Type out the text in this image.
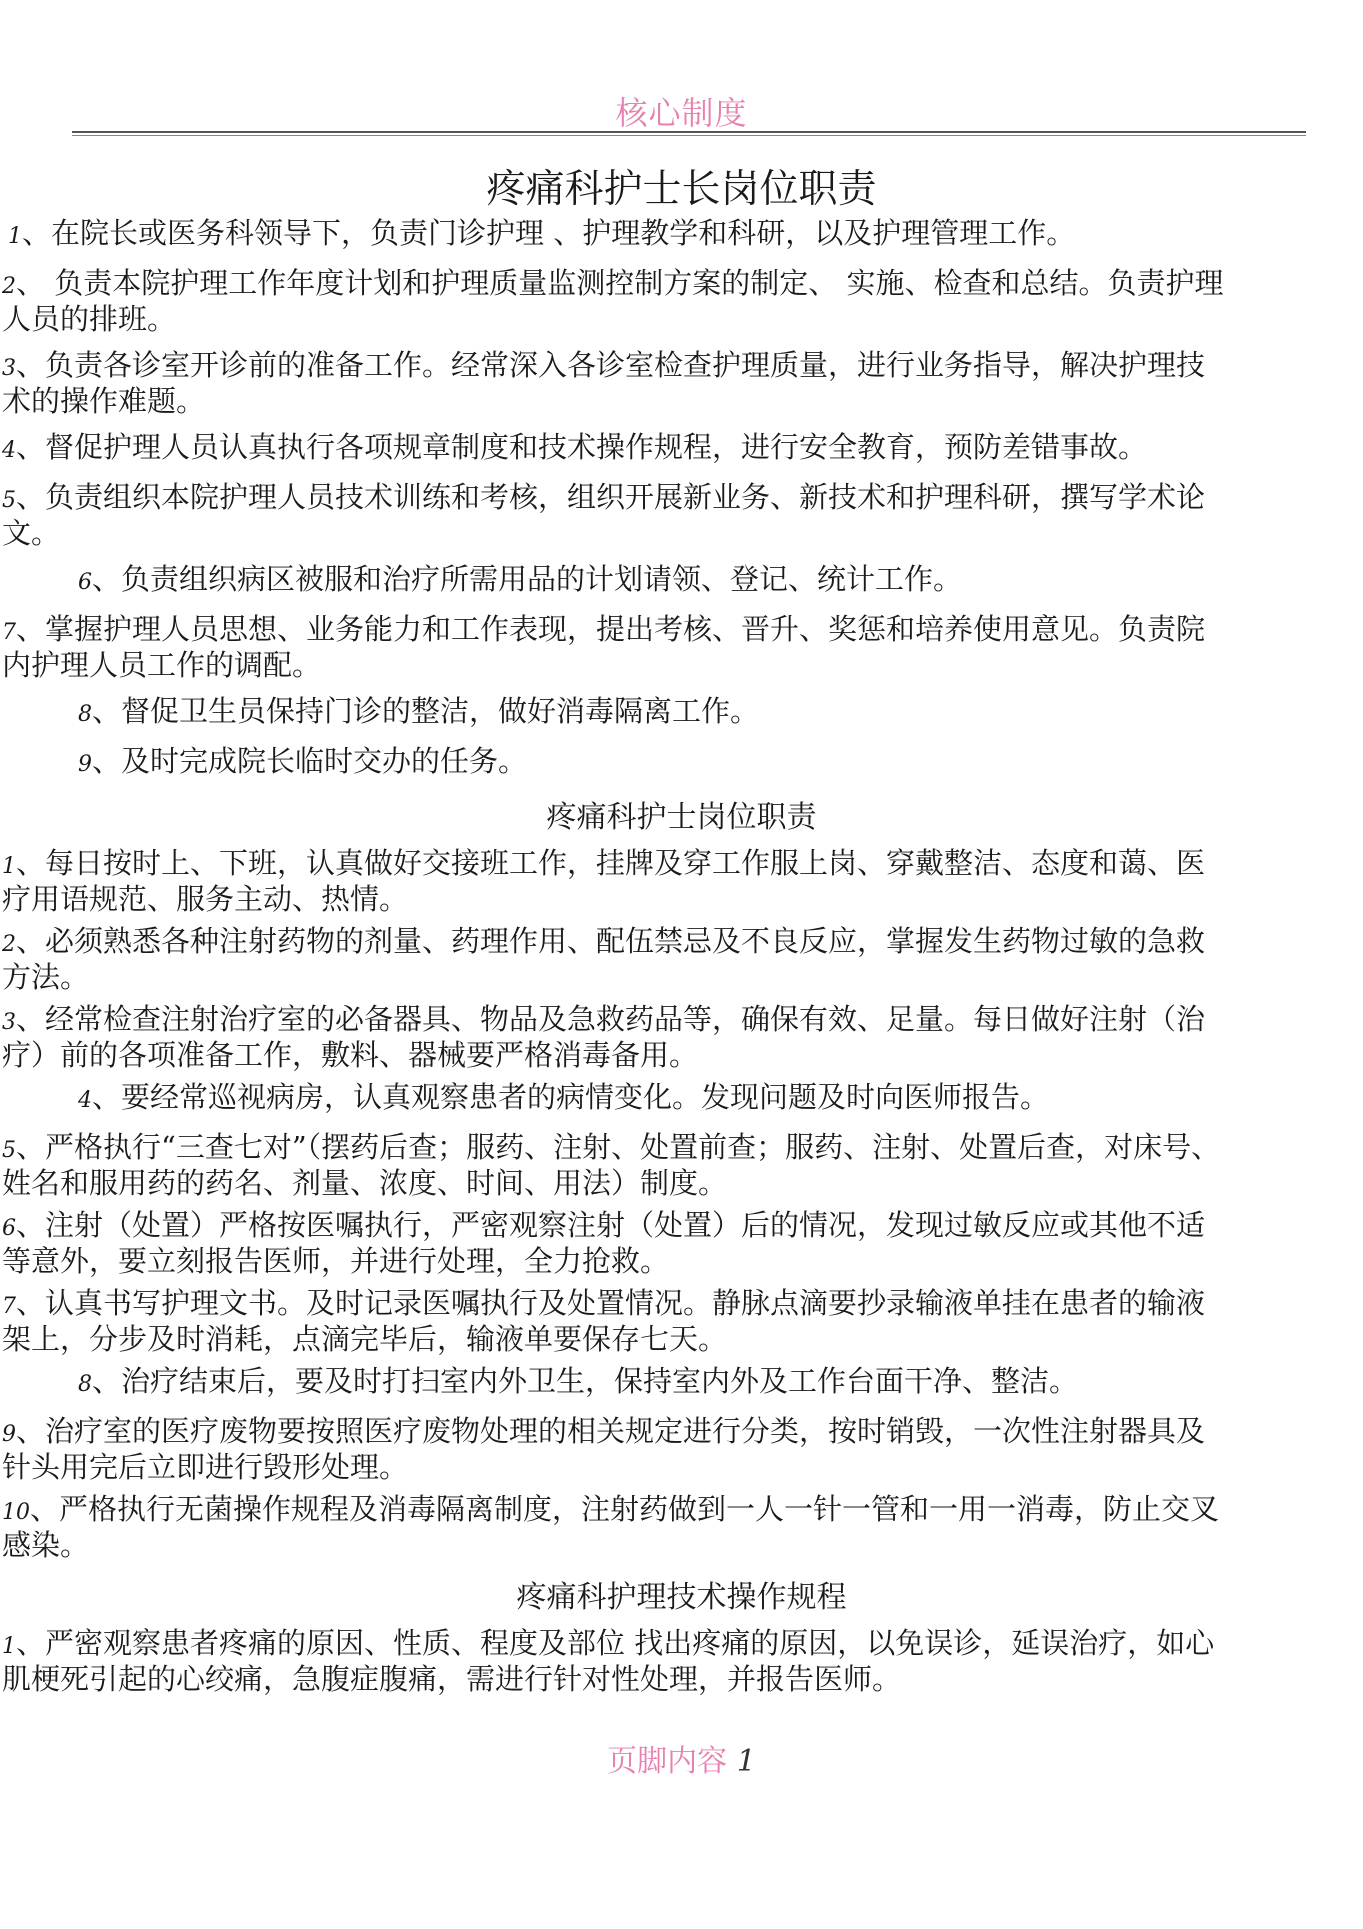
核心制度
疼痛科护士长岗位职责

1、在院长或医务科领导下，负责门诊护理 、护理教学和科研，以及护理管理工作。

2、 负责本院护理工作年度计划和护理质量监测控制方案的制定、 实施、检查和总结。负责护理人员的排班。

3、负责各诊室开诊前的准备工作。经常深入各诊室检查护理质量，进行业务指导，解决护理技术的操作难题。

4、督促护理人员认真执行各项规章制度和技术操作规程，进行安全教育，预防差错事故。

5、负责组织本院护理人员技术训练和考核，组织开展新业务、新技术和护理科研，撰写学术论文。

6、负责组织病区被服和治疗所需用品的计划请领、登记、统计工作。

7、掌握护理人员思想、业务能力和工作表现，提出考核、晋升、奖惩和培养使用意见。负责院内护理人员工作的调配。

8、督促卫生员保持门诊的整洁，做好消毒隔离工作。

9、及时完成院长临时交办的任务。

疼痛科护士岗位职责

1、每日按时上、下班，认真做好交接班工作，挂牌及穿工作服上岗、穿戴整洁、态度和蔼、医疗用语规范、服务主动、热情。

2、必须熟悉各种注射药物的剂量、药理作用、配伍禁忌及不良反应，掌握发生药物过敏的急救方法。

3、经常检查注射治疗室的必备器具、物品及急救药品等，确保有效、足量。每日做好注射（治疗）前的各项准备工作，敷料、器械要严格消毒备用。

4、要经常巡视病房，认真观察患者的病情变化。发现问题及时向医师报告。

5、严格执行“三查七对”（摆药后查；服药、注射、处置前查；服药、注射、处置后查，对床号、姓名和服用药的药名、剂量、浓度、时间、用法）制度。

6、注射（处置）严格按医嘱执行，严密观察注射（处置）后的情况，发现过敏反应或其他不适等意外，要立刻报告医师，并进行处理，全力抢救。

7、认真书写护理文书。及时记录医嘱执行及处置情况。静脉点滴要抄录输液单挂在患者的输液架上，分步及时消耗，点滴完毕后，输液单要保存七天。

8、治疗结束后，要及时打扫室内外卫生，保持室内外及工作台面干净、整洁。

9、治疗室的医疗废物要按照医疗废物处理的相关规定进行分类，按时销毁，一次性注射器具及针头用完后立即进行毁形处理。

10、严格执行无菌操作规程及消毒隔离制度，注射药做到一人一针一管和一用一消毒，防止交叉感染。

疼痛科护理技术操作规程

1、严密观察患者疼痛的原因、性质、程度及部位 找出疼痛的原因，以免误诊，延误治疗，如心肌梗死引起的心绞痛，急腹症腹痛，需进行针对性处理，并报告医师。

页脚内容 1
